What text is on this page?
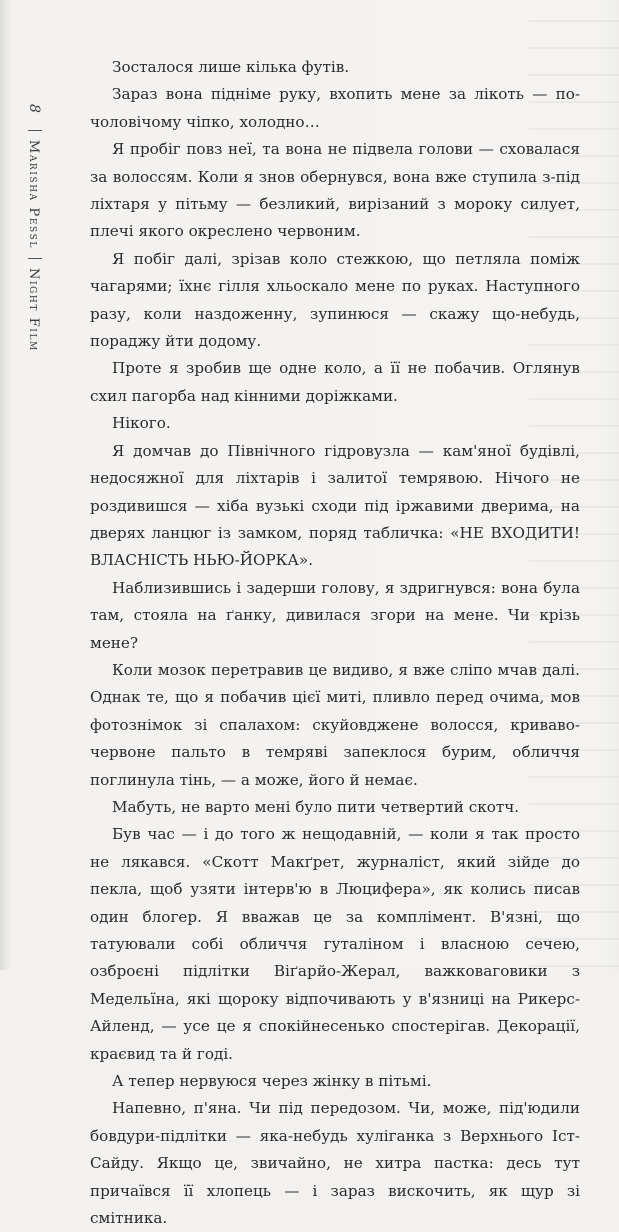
8Marisha PesslNight Film

Зосталося лише кілька футів.

Зараз вона підніме руку, вхопить мене за лікоть — по-чоловічому чіпко, холодно…

Я пробіг повз неї, та вона не підвела голови — сховалася за волоссям. Коли я знов обернувся, вона вже ступила з-під ліхтаря у пітьму — безликий, вирізаний з мороку силует, плечі якого окреслено червоним.

Я побіг далі, зрізав коло стежкою, що петляла поміж чагарями; їхнє гілля хльоскало мене по руках. Наступного разу, коли наздоженну, зупинюся — скажу що-небудь, пораджу йти додому.

Проте я зробив ще одне коло, а її не побачив. Оглянув схил пагорба над кінними доріжками.

Нікого.

Я домчав до Північного гідровузла — кам'яної будівлі, недосяжної для ліхтарів і залитої темрявою. Нічого не роздивишся — хіба вузькі сходи під іржавими дверима, на дверях ланцюг із замком, поряд табличка: «НЕ ВХОДИТИ! ВЛАСНІСТЬ НЬЮ-ЙОРКА».

Наблизившись і задерши голову, я здригнувся: вона була там, стояла на ґанку, дивилася згори на мене. Чи крізь мене?

Коли мозок перетравив це видиво, я вже сліпо мчав далі. Однак те, що я побачив цієї миті, пливло перед очима, мов фотознімок зі спалахом: скуйовджене волосся, криваво-червоне пальто в темряві запеклося бурим, обличчя поглинула тінь, — а може, його й немає.

Мабуть, не варто мені було пити четвертий скотч.

Був час — і до того ж нещодавній, — коли я так просто не лякався. «Скотт Макґрет, журналіст, який зійде до пекла, щоб узяти інтерв'ю в Люцифера», як колись писав один блогер. Я вважав це за комплімент. В'язні, що татуювали собі обличчя гуталіном і власною сечею, озброєні підлітки Віґарйо-Жерал, важковаговики з Медельїна, які щороку відпочивають у в'язниці на Рикерс-Айленд, — усе це я спокійнесенько спостерігав. Декорації, краєвид та й годі.

А тепер нервуюся через жінку в пітьмі.

Напевно, п'яна. Чи під передозом. Чи, може, під'юдили бовдури-підлітки — яка-небудь хуліганка з Верхнього Іст-Сайду. Якщо це, звичайно, не хитра пастка: десь тут причаївся її хлопець — і зараз вискочить, як щур зі смітника.
